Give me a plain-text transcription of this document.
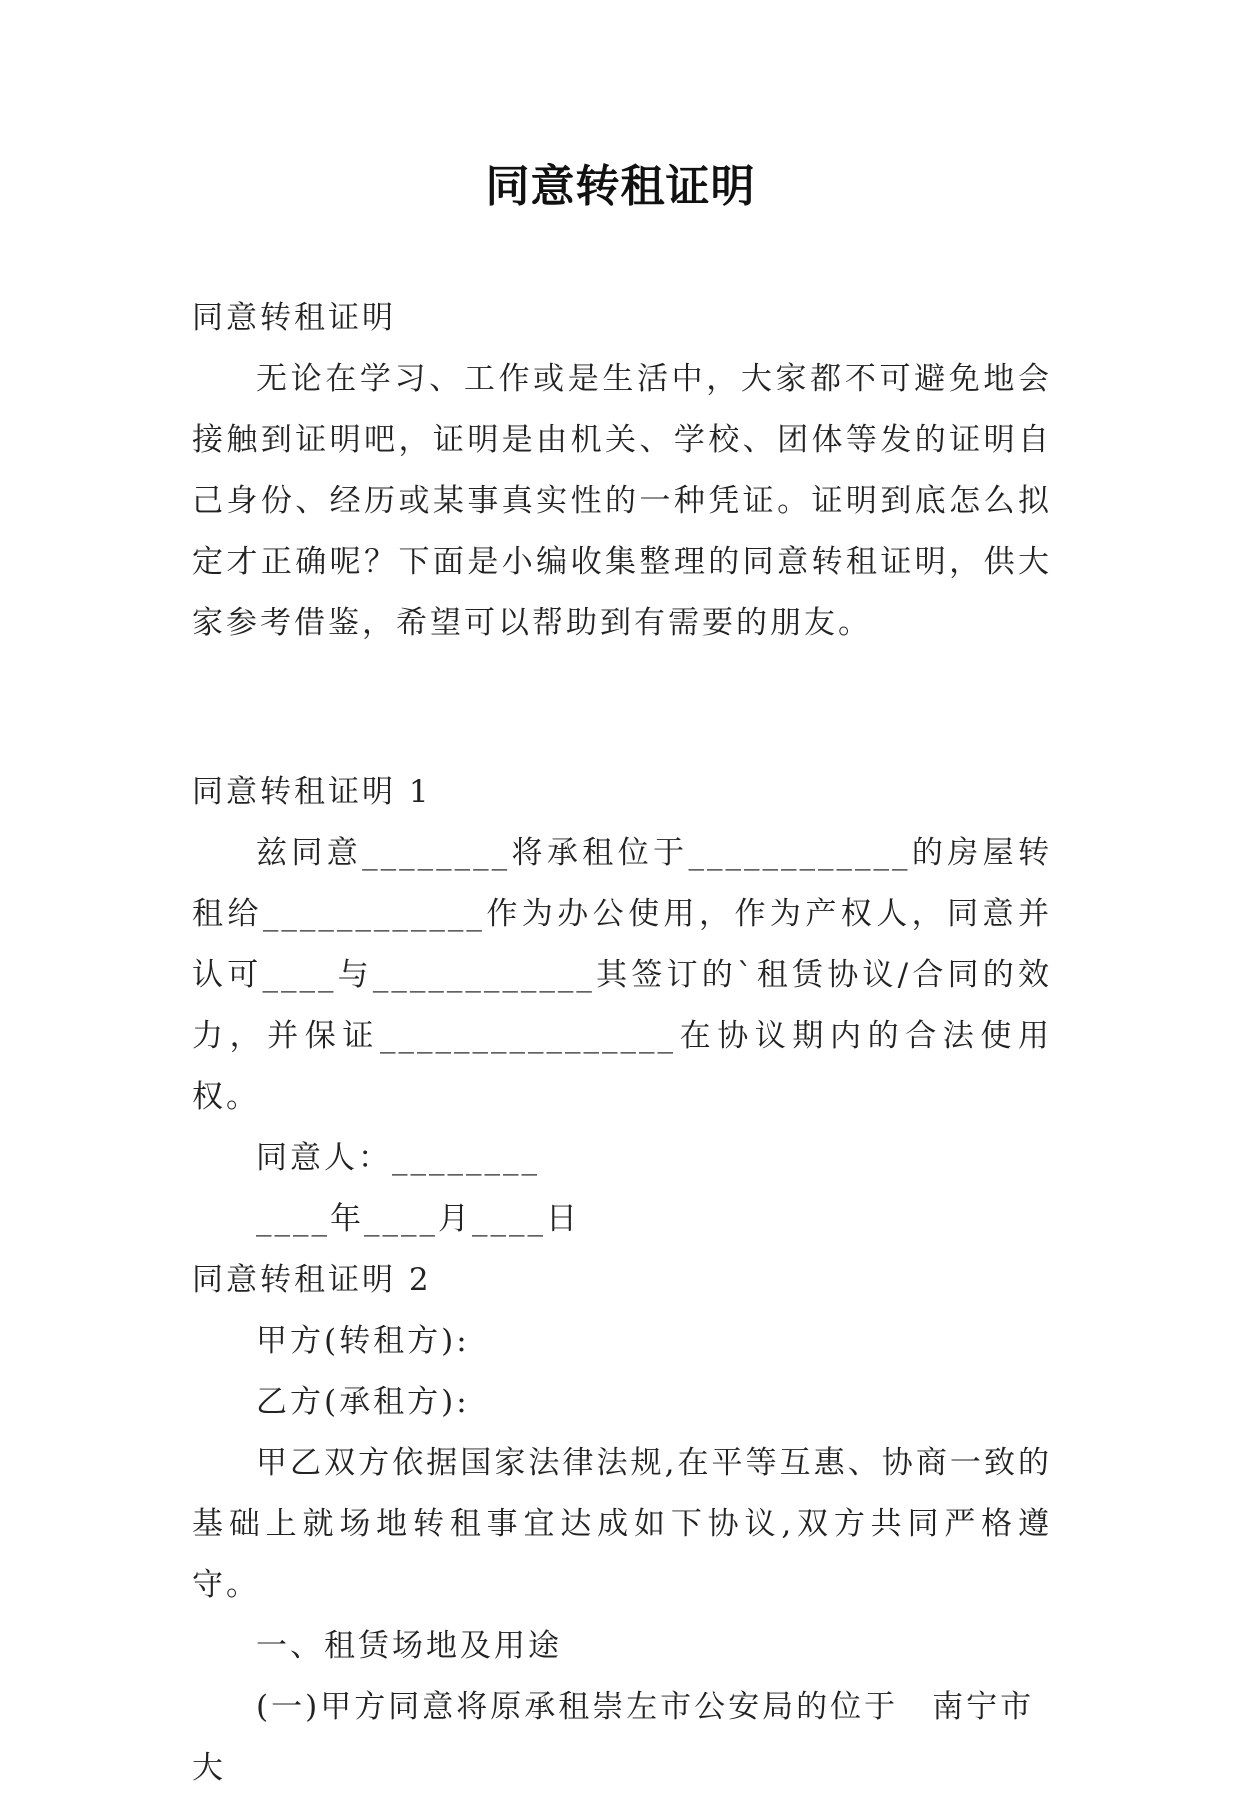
同意转租证明

同意转租证明

无论在学习、工作或是生活中，大家都不可避免地会接触到证明吧，证明是由机关、学校、团体等发的证明自己身份、经历或某事真实性的一种凭证。证明到底怎么拟定才正确呢？下面是小编收集整理的同意转租证明，供大家参考借鉴，希望可以帮助到有需要的朋友。

同意转租证明 1

兹同意________将承租位于____________的房屋转租给____________作为办公使用，作为产权人，同意并认可____与____________其签订的`租赁协议/合同的效力，并保证________________在协议期内的合法使用权。

同意人：________

____年____月____日

同意转租证明 2

甲方(转租方):

乙方(承租方):

甲乙双方依据国家法律法规,在平等互惠、协商一致的基础上就场地转租事宜达成如下协议,双方共同严格遵守。

一、租赁场地及用途

(一)甲方同意将原承租崇左市公安局的位于　南宁市大
